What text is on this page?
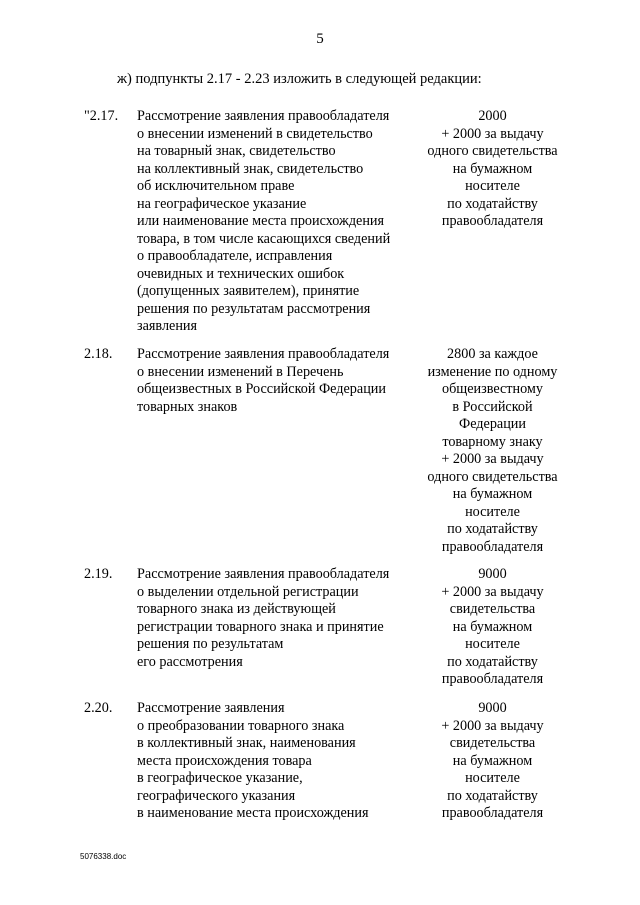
5
ж) подпункты 2.17 - 2.23 изложить в следующей редакции:
"2.17. Рассмотрение заявления правообладателя
о внесении изменений в свидетельство
на товарный знак, свидетельство
на коллективный знак, свидетельство
об исключительном праве
на географическое указание
или наименование места происхождения
товара, в том числе касающихся сведений
о правообладателе, исправления
очевидных и технических ошибок
(допущенных заявителем), принятие
решения по результатам рассмотрения
заявления
2000
+ 2000 за выдачу
одного свидетельства
на бумажном
носителе
по ходатайству
правообладателя
2.18. Рассмотрение заявления правообладателя
о внесении изменений в Перечень
общеизвестных в Российской Федерации
товарных знаков
2800 за каждое
изменение по одному
общеизвестному
в Российской
Федерации
товарному знаку
+ 2000 за выдачу
одного свидетельства
на бумажном
носителе
по ходатайству
правообладателя
2.19. Рассмотрение заявления правообладателя
о выделении отдельной регистрации
товарного знака из действующей
регистрации товарного знака и принятие
решения по результатам
его рассмотрения
9000
+ 2000 за выдачу
свидетельства
на бумажном
носителе
по ходатайству
правообладателя
2.20. Рассмотрение заявления
о преобразовании товарного знака
в коллективный знак, наименования
места происхождения товара
в географическое указание,
географического указания
в наименование места происхождения
9000
+ 2000 за выдачу
свидетельства
на бумажном
носителе
по ходатайству
правообладателя
5076338.doc
